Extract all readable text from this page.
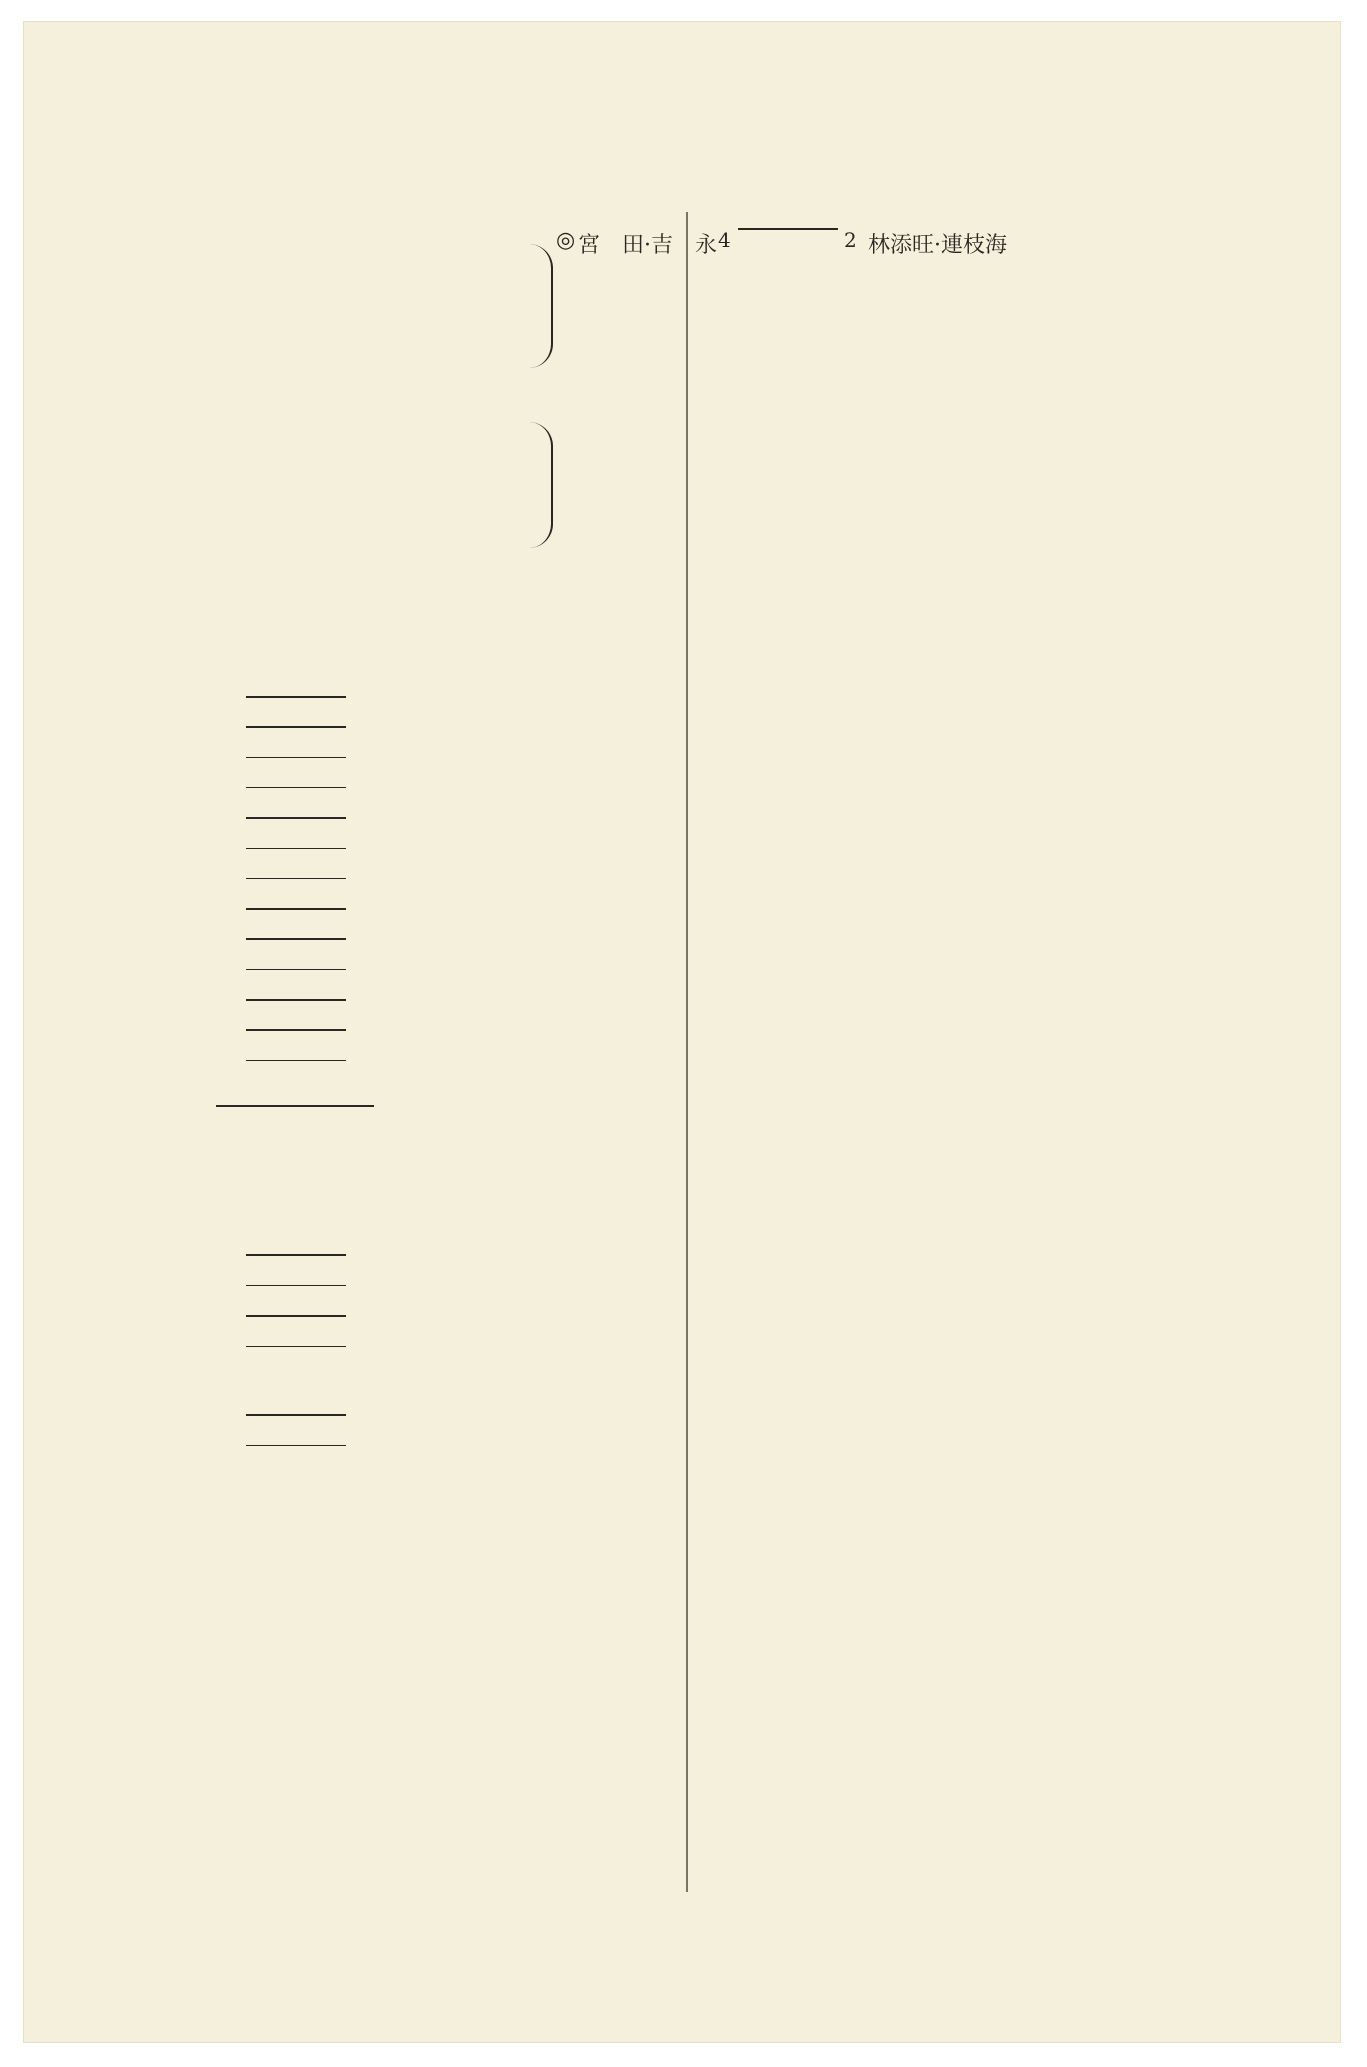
◎ 宮　田·吉　永 4	2 林添旺·連枝海
